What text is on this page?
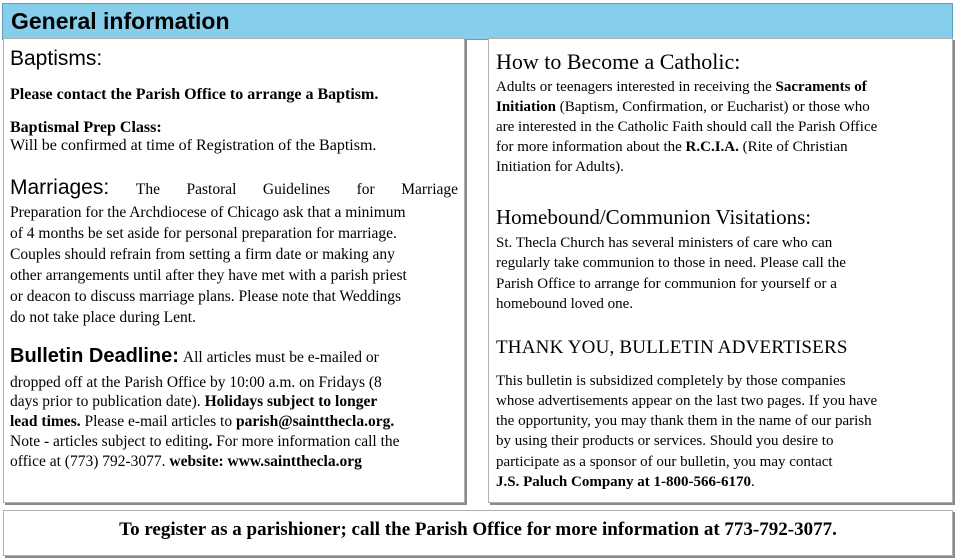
General information
Baptisms:
Please contact the Parish Office to arrange a Baptism.
Baptismal Prep Class:
Will be confirmed at time of Registration of the Baptism.
Marriages: The Pastoral Guidelines for Marriage
Preparation for the Archdiocese of Chicago ask that a minimum
of 4 months be set aside for personal preparation for marriage.
Couples should refrain from setting a firm date or making any
other arrangements until after they have met with a parish priest
or deacon to discuss marriage plans. Please note that Weddings
do not take place during Lent.
Bulletin Deadline: All articles must be e-mailed or
dropped off at the Parish Office by 10:00 a.m. on Fridays (8
days prior to publication date). Holidays subject to longer
lead times. Please e-mail articles to parish@saintthecla.org.
Note - articles subject to editing. For more information call the
office at (773) 792-3077. website: www.saintthecla.org
How to Become a Catholic:
Adults or teenagers interested in receiving the Sacraments of
Initiation (Baptism, Confirmation, or Eucharist) or those who
are interested in the Catholic Faith should call the Parish Office
for more information about the R.C.I.A. (Rite of Christian
Initiation for Adults).
Homebound/Communion Visitations:
St. Thecla Church has several ministers of care who can
regularly take communion to those in need. Please call the
Parish Office to arrange for communion for yourself or a
homebound loved one.
THANK YOU, BULLETIN ADVERTISERS
This bulletin is subsidized completely by those companies
whose advertisements appear on the last two pages. If you have
the opportunity, you may thank them in the name of our parish
by using their products or services. Should you desire to
participate as a sponsor of our bulletin, you may contact
J.S. Paluch Company at 1-800-566-6170.
To register as a parishioner; call the Parish Office for more information at 773-792-3077.
